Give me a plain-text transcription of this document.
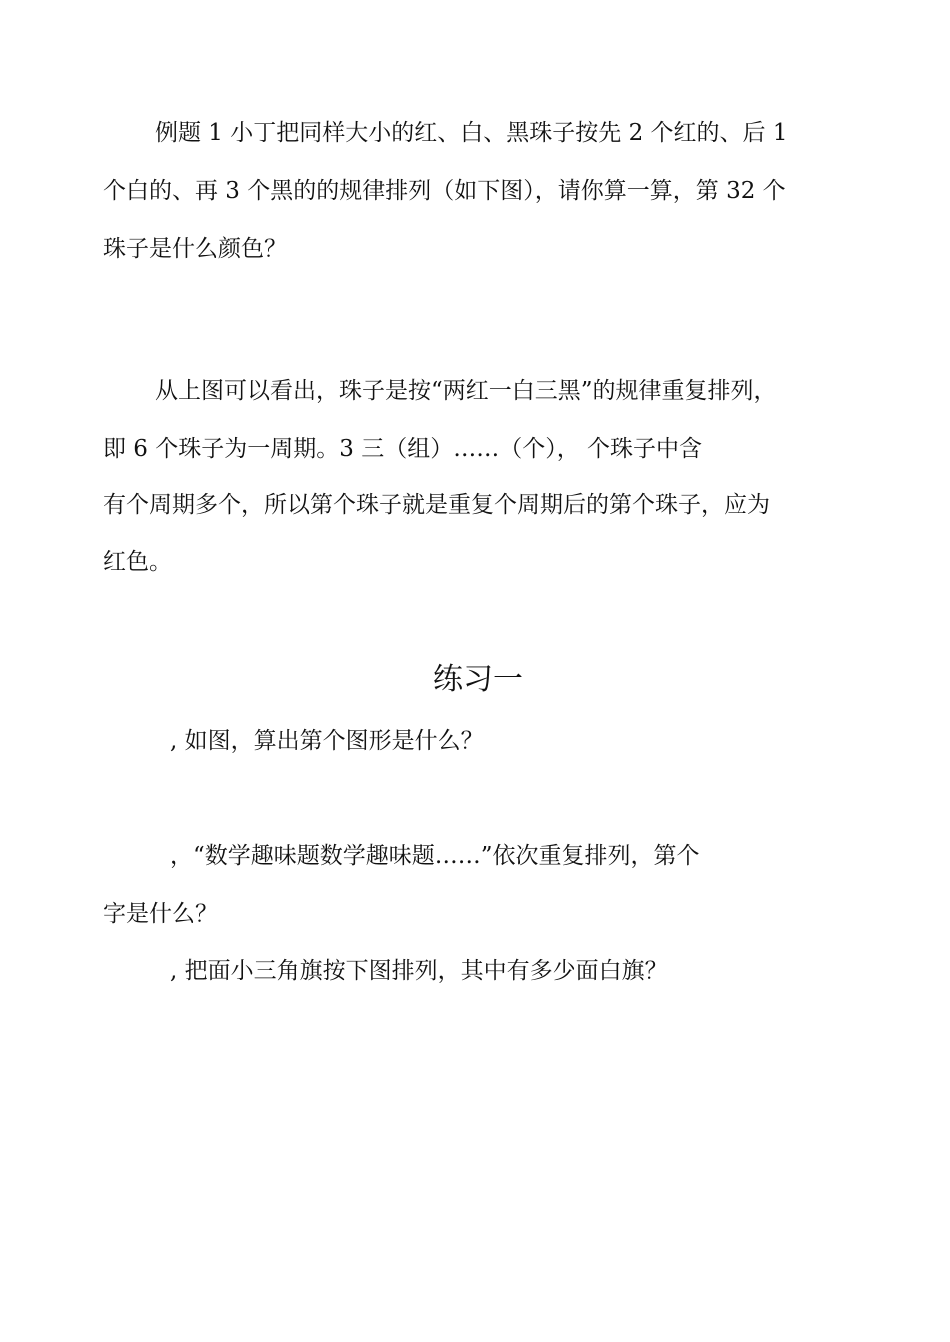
例题 1 小丁把同样大小的红、白、黑珠子按先 2 个红的、后 1
个白的、再 3 个黑的的规律排列（如下图），请你算一算，第 32 个
珠子是什么颜色？
从上图可以看出，珠子是按“两红一白三黑”的规律重复排列，
即 6 个珠子为一周期。3 三（组）……（个）， 个珠子中含
有个周期多个，所以第个珠子就是重复个周期后的第个珠子，应为
红色。
练习一
, 如图，算出第个图形是什么？
，“数学趣味题数学趣味题……”依次重复排列，第个
字是什么？
, 把面小三角旗按下图排列，其中有多少面白旗？
